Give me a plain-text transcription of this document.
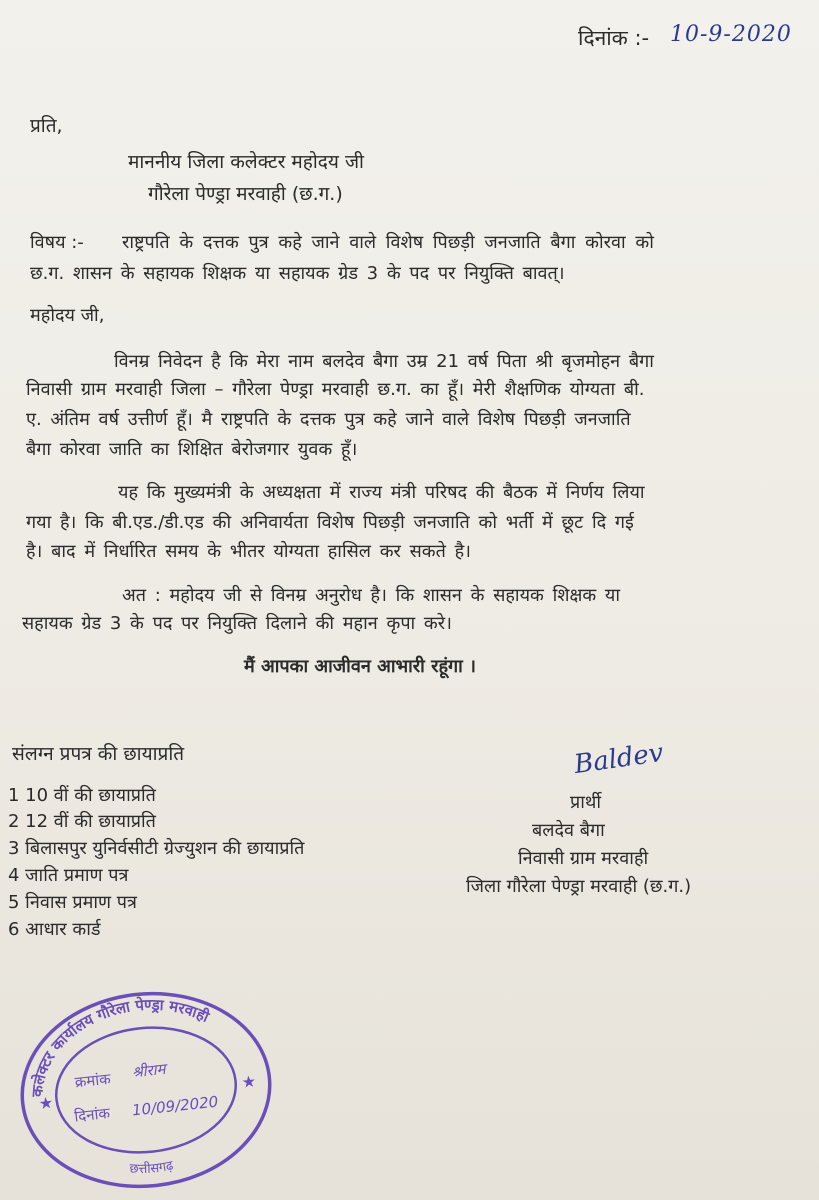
दिनांक :- 10-9-2020
प्रति,
माननीय जिला कलेक्टर महोदय जी
गौरेला पेण्ड्रा मरवाही (छ.ग.)
विषय :- राष्ट्रपति के दत्तक पुत्र कहे जाने वाले विशेष पिछड़ी जनजाति बैगा कोरवा को
छ.ग. शासन के सहायक शिक्षक या सहायक ग्रेड 3 के पद पर नियुक्ति बावत्।
महोदय जी,
विनम्र निवेदन है कि मेरा नाम बलदेव बैगा उम्र 21 वर्ष पिता श्री बृजमोहन बैगा
निवासी ग्राम मरवाही जिला – गौरेला पेण्ड्रा मरवाही छ.ग. का हूँ। मेरी शैक्षणिक योग्यता बी.
ए. अंतिम वर्ष उत्तीर्ण हूँ। मै राष्ट्रपति के दत्तक पुत्र कहे जाने वाले विशेष पिछड़ी जनजाति
बैगा कोरवा जाति का शिक्षित बेरोजगार युवक हूँ।
यह कि मुख्यमंत्री के अध्यक्षता में राज्य मंत्री परिषद की बैठक में निर्णय लिया
गया है। कि बी.एड./डी.एड की अनिवार्यता विशेष पिछड़ी जनजाति को भर्ती में छूट दि गई
है। बाद में निर्धारित समय के भीतर योग्यता हासिल कर सकते है।
अत : महोदय जी से विनम्र अनुरोध है। कि शासन के सहायक शिक्षक या
सहायक ग्रेड 3 के पद पर नियुक्ति दिलाने की महान कृपा करे।
मैं आपका आजीवन आभारी रहूंगा ।
संलग्न प्रपत्र की छायाप्रति
1 10 वीं की छायाप्रति
2 12 वीं की छायाप्रति
3 बिलासपुर युनिर्वसीटी ग्रेज्युशन की छायाप्रति
4 जाति प्रमाण पत्र
5 निवास प्रमाण पत्र
6 आधार कार्ड
Baldev
प्रार्थी
बलदेव बैगा
निवासी ग्राम मरवाही
जिला गौरेला पेण्ड्रा मरवाही (छ.ग.)
कलेक्टर कार्यालय गौरेला पेण्ड्रा मरवाही
छत्तीसगढ़
★
★
क्रमांक श्रीराम
दिनांक 10/09/2020
